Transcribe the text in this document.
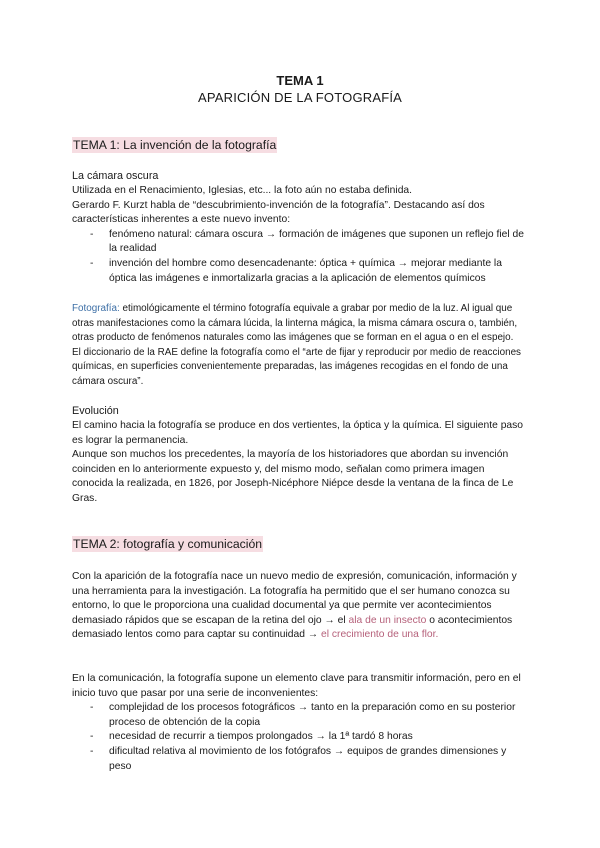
TEMA 1
APARICIÓN DE LA FOTOGRAFÍA
TEMA 1: La invención de la fotografía

La cámara oscura

Utilizada en el Renacimiento, Iglesias, etc... la foto aún no estaba definida.

Gerardo F. Kurzt habla de “descubrimiento-invención de la fotografía”. Destacando así dos características inherentes a este nuevo invento:

- fenómeno natural: cámara oscura → formación de imágenes que suponen un reflejo fiel de la realidad
- invención del hombre como desencadenante: óptica + química → mejorar mediante la óptica las imágenes e inmortalizarla gracias a la aplicación de elementos químicos

Fotografía: etimológicamente el término fotografía equivale a grabar por medio de la luz. Al igual que otras manifestaciones como la cámara lúcida, la linterna mágica, la misma cámara oscura o, también, otras producto de fenómenos naturales como las imágenes que se forman en el agua o en el espejo. El diccionario de la RAE define la fotografía como el “arte de fijar y reproducir por medio de reacciones químicas, en superficies convenientemente preparadas, las imágenes recogidas en el fondo de una cámara oscura”.

Evolución

El camino hacia la fotografía se produce en dos vertientes, la óptica y la química. El siguiente paso es lograr la permanencia.

Aunque son muchos los precedentes, la mayoría de los historiadores que abordan su invención coinciden en lo anteriormente expuesto y, del mismo modo, señalan como primera imagen conocida la realizada, en 1826, por Joseph-Nicéphore Niépce desde la ventana de la finca de Le Gras.

TEMA 2: fotografía y comunicación

Con la aparición de la fotografía nace un nuevo medio de expresión, comunicación, información y una herramienta para la investigación. La fotografía ha permitido que el ser humano conozca su entorno, lo que le proporciona una cualidad documental ya que permite ver acontecimientos demasiado rápidos que se escapan de la retina del ojo → el ala de un insecto o acontecimientos demasiado lentos como para captar su continuidad → el crecimiento de una flor.

En la comunicación, la fotografía supone un elemento clave para transmitir información, pero en el inicio tuvo que pasar por una serie de inconvenientes:

- complejidad de los procesos fotográficos → tanto en la preparación como en su posterior proceso de obtención de la copia
- necesidad de recurrir a tiempos prolongados → la 1ª tardó 8 horas
- dificultad relativa al movimiento de los fotógrafos → equipos de grandes dimensiones y peso
